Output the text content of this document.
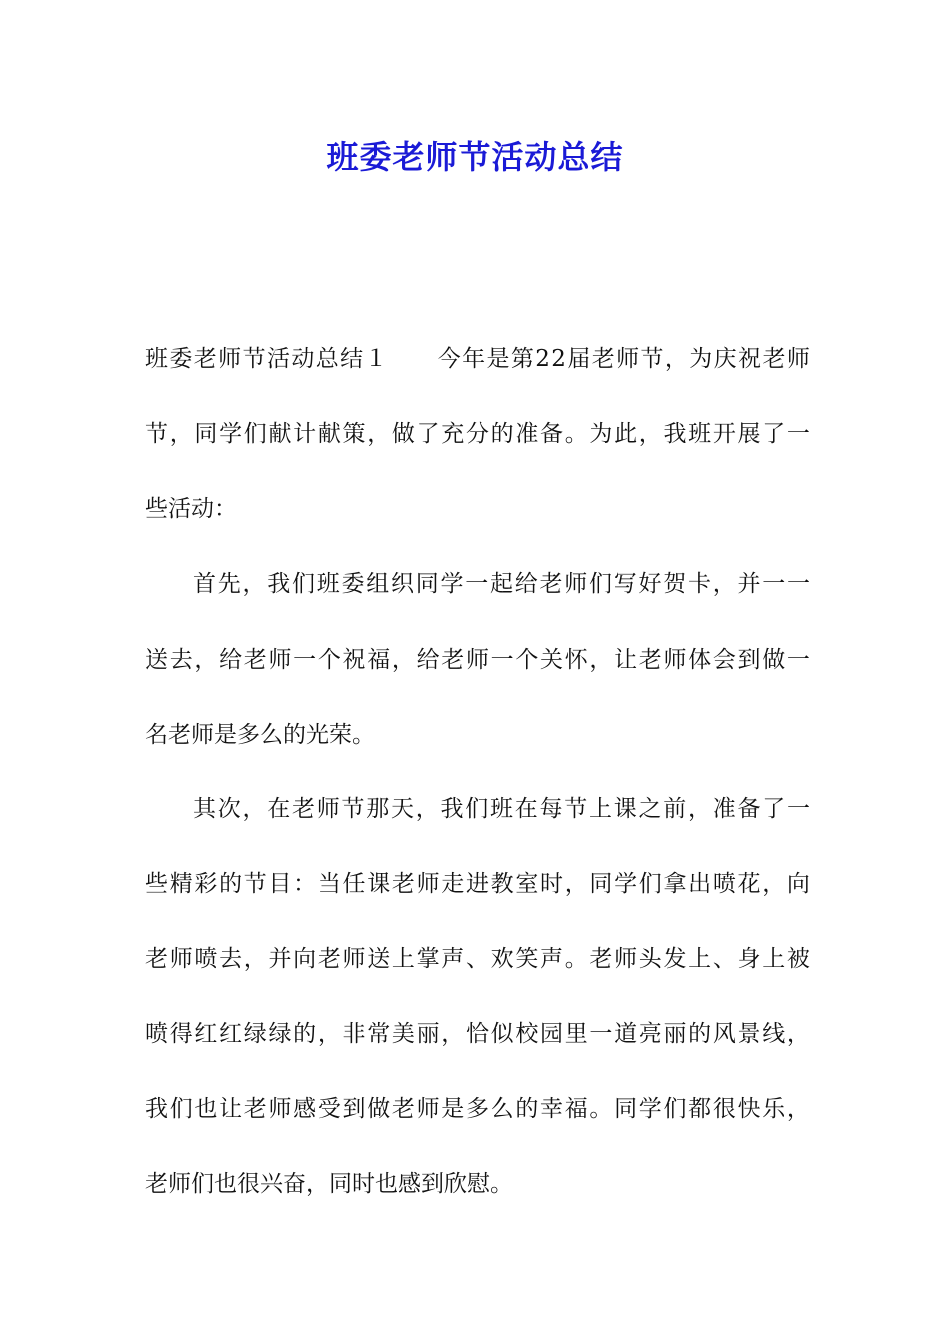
班委老师节活动总结

班 委 老 师 节 活 动 总 结 １

　 今 年 是 第 2 2 届 老 师 节 ， 为 庆 祝 老 师

节 ， 同 学 们 献 计 献 策 ， 做 了 充 分 的 准 备 。 为 此 ， 我 班 开 展 了 一

些活动：

首 先 ， 我 们 班 委 组 织 同 学 一 起 给 老 师 们 写 好 贺 卡 ， 并 一 一

送 去 ， 给 老 师 一 个 祝 福 ， 给 老 师 一 个 关 怀 ， 让 老 师 体 会 到 做 一

名老师是多么的光荣。

其 次 ， 在 老 师 节 那 天 ， 我 们 班 在 每 节 上 课 之 前 ， 准 备 了 一

些 精 彩 的 节 目 ： 当 任 课 老 师 走 进 教 室 时 ， 同 学 们 拿 出 喷 花 ， 向

老 师 喷 去 ， 并 向 老 师 送 上 掌 声 、 欢 笑 声 。 老 师 头 发 上 、 身 上 被

喷 得 红 红 绿 绿 的 ， 非 常 美 丽 ， 恰 似 校 园 里 一 道 亮 丽 的 风 景 线 ，

我 们 也 让 老 师 感 受 到 做 老 师 是 多 么 的 幸 福 。 同 学 们 都 很 快 乐 ，

老师们也很兴奋，同时也感到欣慰。
